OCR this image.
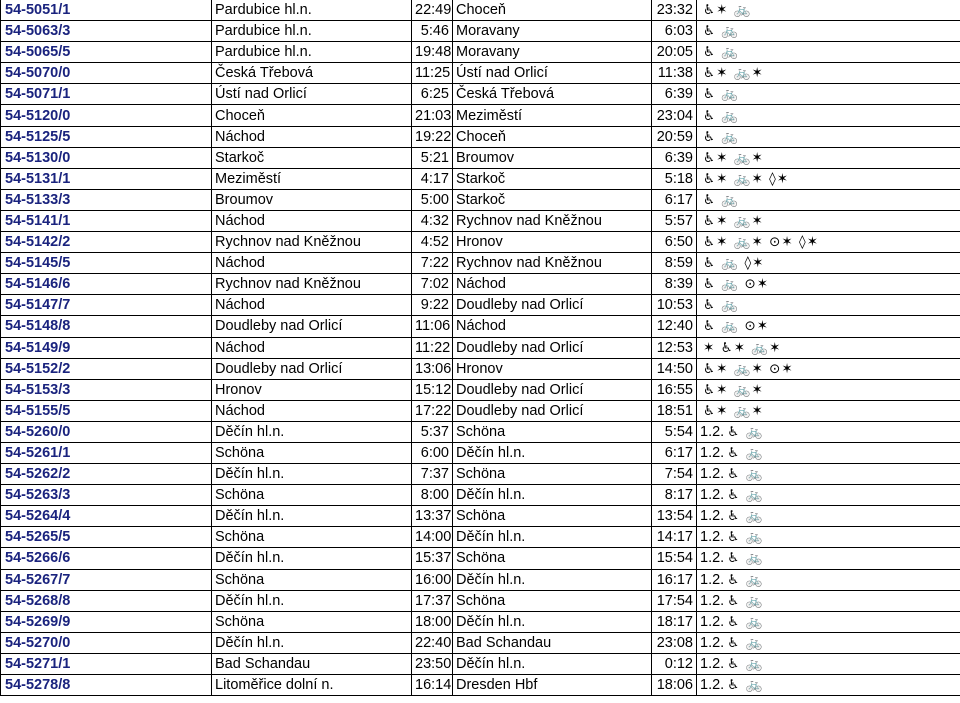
54-5051/1	Pardubice hl.n.	22:49	Choceň	23:32	♿✶ 🚲
54-5063/3	Pardubice hl.n.	5:46	Moravany	6:03	♿ 🚲
54-5065/5	Pardubice hl.n.	19:48	Moravany	20:05	♿ 🚲
54-5070/0	Česká Třebová	11:25	Ústí nad Orlicí	11:38	♿✶ 🚲✶
54-5071/1	Ústí nad Orlicí	6:25	Česká Třebová	6:39	♿ 🚲
54-5120/0	Choceň	21:03	Meziměstí	23:04	♿ 🚲
54-5125/5	Náchod	19:22	Choceň	20:59	♿ 🚲
54-5130/0	Starkoč	5:21	Broumov	6:39	♿✶ 🚲✶
54-5131/1	Meziměstí	4:17	Starkoč	5:18	♿✶ 🚲✶ ◊✶
54-5133/3	Broumov	5:00	Starkoč	6:17	♿ 🚲
54-5141/1	Náchod	4:32	Rychnov nad Kněžnou	5:57	♿✶ 🚲✶
54-5142/2	Rychnov nad Kněžnou	4:52	Hronov	6:50	♿✶ 🚲✶ ⊙✶ ◊✶
54-5145/5	Náchod	7:22	Rychnov nad Kněžnou	8:59	♿ 🚲 ◊✶
54-5146/6	Rychnov nad Kněžnou	7:02	Náchod	8:39	♿ 🚲 ⊙✶
54-5147/7	Náchod	9:22	Doudleby nad Orlicí	10:53	♿ 🚲
54-5148/8	Doudleby nad Orlicí	11:06	Náchod	12:40	♿ 🚲 ⊙✶
54-5149/9	Náchod	11:22	Doudleby nad Orlicí	12:53	✶ ♿✶ 🚲✶
54-5152/2	Doudleby nad Orlicí	13:06	Hronov	14:50	♿✶ 🚲✶ ⊙✶
54-5153/3	Hronov	15:12	Doudleby nad Orlicí	16:55	♿✶ 🚲✶
54-5155/5	Náchod	17:22	Doudleby nad Orlicí	18:51	♿✶ 🚲✶
54-5260/0	Děčín hl.n.	5:37	Schöna	5:54	1.2. ♿ 🚲
54-5261/1	Schöna	6:00	Děčín hl.n.	6:17	1.2. ♿ 🚲
54-5262/2	Děčín hl.n.	7:37	Schöna	7:54	1.2. ♿ 🚲
54-5263/3	Schöna	8:00	Děčín hl.n.	8:17	1.2. ♿ 🚲
54-5264/4	Děčín hl.n.	13:37	Schöna	13:54	1.2. ♿ 🚲
54-5265/5	Schöna	14:00	Děčín hl.n.	14:17	1.2. ♿ 🚲
54-5266/6	Děčín hl.n.	15:37	Schöna	15:54	1.2. ♿ 🚲
54-5267/7	Schöna	16:00	Děčín hl.n.	16:17	1.2. ♿ 🚲
54-5268/8	Děčín hl.n.	17:37	Schöna	17:54	1.2. ♿ 🚲
54-5269/9	Schöna	18:00	Děčín hl.n.	18:17	1.2. ♿ 🚲
54-5270/0	Děčín hl.n.	22:40	Bad Schandau	23:08	1.2. ♿ 🚲
54-5271/1	Bad Schandau	23:50	Děčín hl.n.	0:12	1.2. ♿ 🚲
54-5278/8	Litoměřice dolní n.	16:14	Dresden Hbf	18:06	1.2. ♿ 🚲
